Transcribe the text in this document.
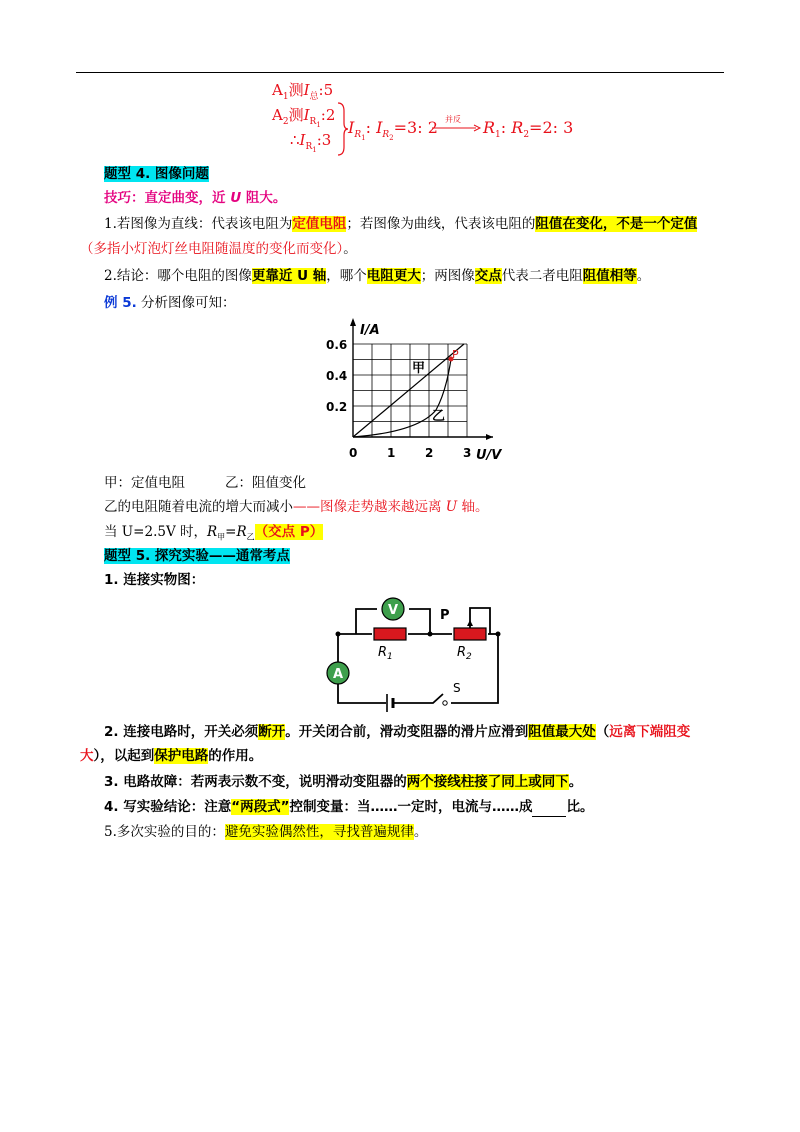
$A_1$测$I_总:5$
$A_2$测$I_{R_1}:2$
$\therefore I_{R_1}:3$
$I_{R_1}$: $I_{R_2}=3$: 2 并反 $R_1$: $R_2=2$: 3
题型 4. 图像问题
技巧：直定曲变，近 U 阻大。
1.若图像为直线：代表该电阻为定值电阻；若图像为曲线，代表该电阻的阻值在变化，不是一个定值
（多指小灯泡灯丝电阻随温度的变化而变化）。
2.结论：哪个电阻的图像更靠近 U 轴，哪个电阻更大；两图像交点代表二者电阻阻值相等。
例 5. 分析图像可知：
I/A
U/V
0.6
0.4
0.2
0 1 2 3
甲
乙
P
甲：定值电阻	乙：阻值变化
乙的电阻随着电流的增大而减小——图像走势越来越远离 U 轴。
当 U=2.5V 时，$R_甲=R_乙$（交点 P）
题型 5. 探究实验——通常考点
1. 连接实物图：
V
A
$R_1$	$R_2$
P
S
2. 连接电路时，开关必须断开。开关闭合前，滑动变阻器的滑片应滑到阻值最大处（远离下端阻变
大），以起到保护电路的作用。
3. 电路故障：若两表示数不变，说明滑动变阻器的两个接线柱接了同上或同下。
4. 写实验结论：注意“两段式”控制变量：当……一定时，电流与……成	比。
5.多次实验的目的：避免实验偶然性，寻找普遍规律。
